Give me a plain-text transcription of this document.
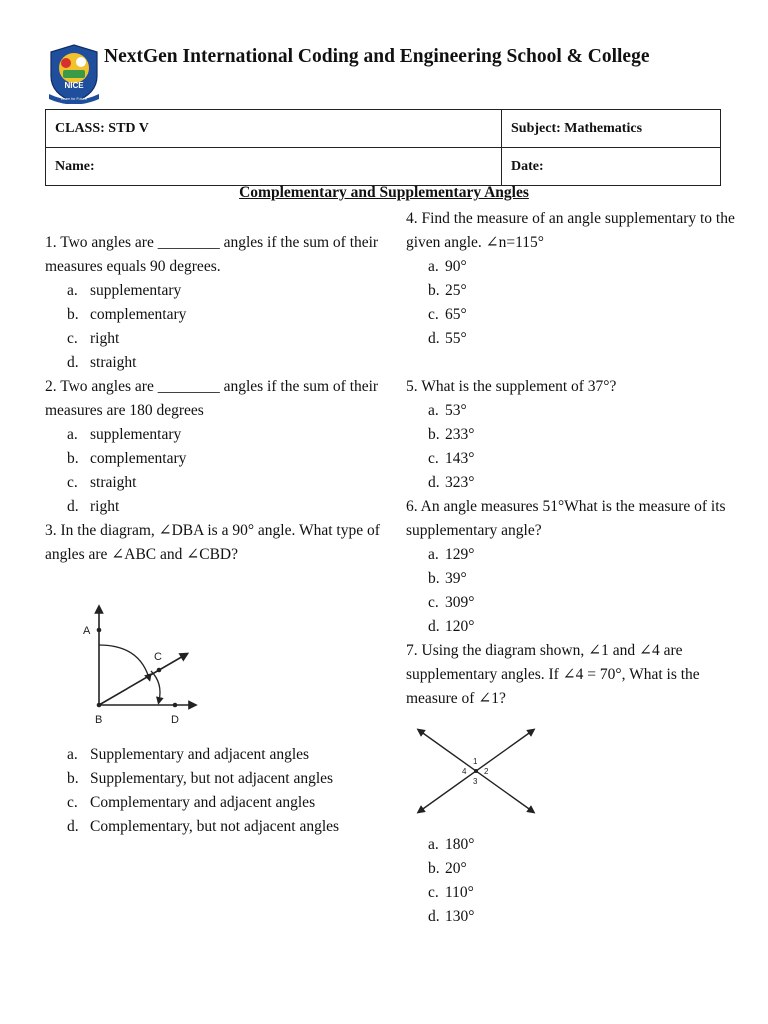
NICE
Learn for Future
NextGen International Coding and Engineering School & College
CLASS: STD V	Subject: Mathematics
Name:	Date:
Complementary and Supplementary Angles

1. Two angles are ________ angles if the sum of their measures equals 90 degrees.

a. supplementary
b. complementary
c. right
d. straight

2. Two angles are ________ angles if the sum of their measures are 180 degrees

a. supplementary
b. complementary
c. straight
d. right

3. In the diagram, ∠DBA is a 90° angle. What type of angles are ∠ABC and ∠CBD?

A
C
B	D
a. Supplementary and adjacent angles
b. Supplementary, but not adjacent angles
c. Complementary and adjacent angles
d. Complementary, but not adjacent angles

4. Find the measure of an angle supplementary to the given angle. ∠n=115°

a. 90°
b. 25°
c. 65°
d. 55°

5. What is the supplement of 37°?

a. 53°
b. 233°
c. 143°
d. 323°

6. An angle measures 51°What is the measure of its supplementary angle?

a. 129°
b. 39°
c. 309°
d. 120°

7. Using the diagram shown, ∠1 and ∠4 are supplementary angles. If ∠4 = 70°, What is the measure of ∠1?

1
2
3
4
a. 180°
b. 20°
c. 110°
d. 130°
